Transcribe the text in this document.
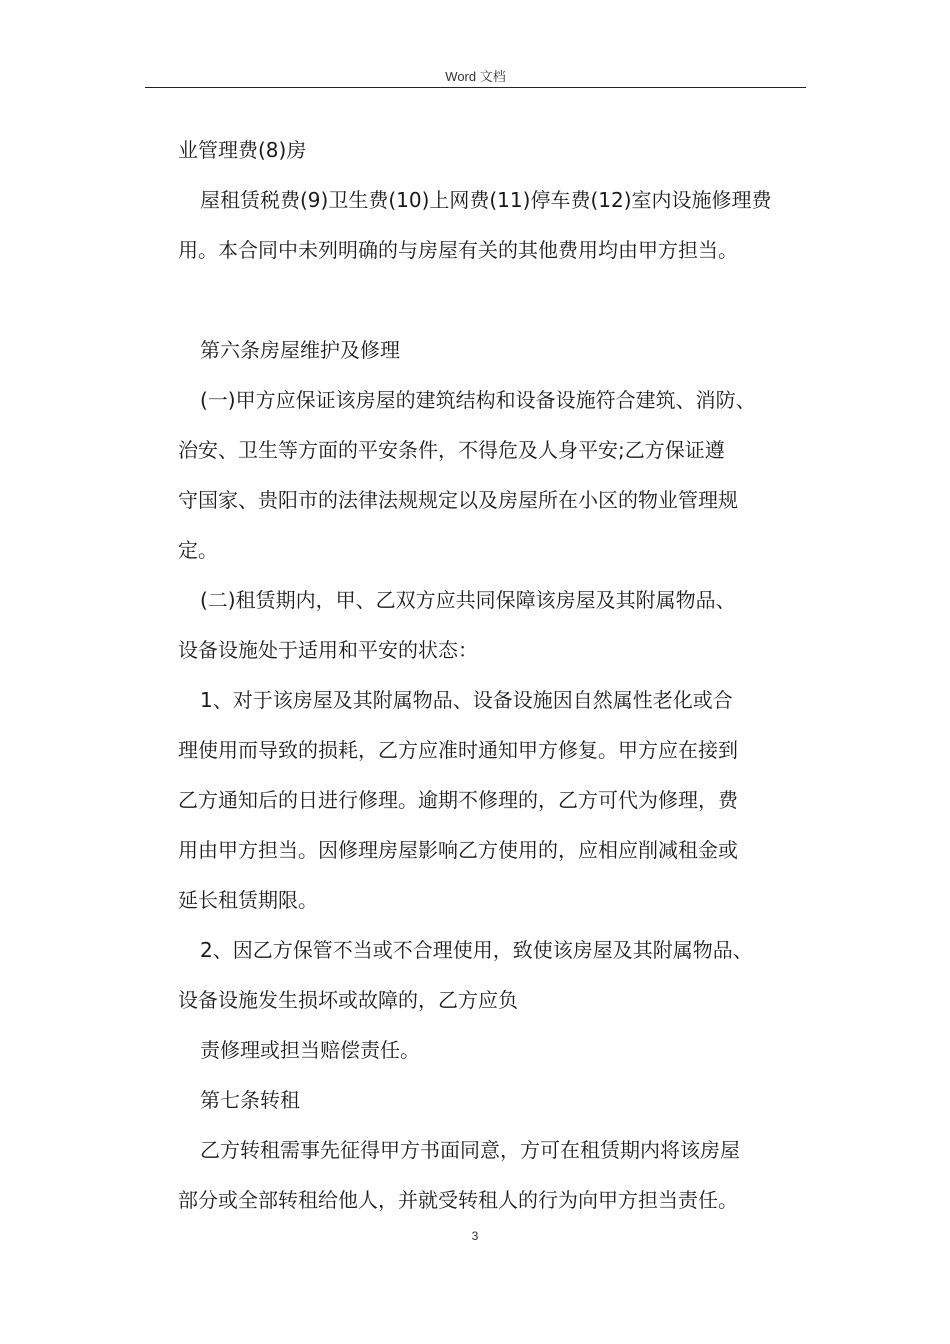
Word 文档
业管理费(8)房
屋租赁税费(9)卫生费(10)上网费(11)停车费(12)室内设施修理费
用。本合同中未列明确的与房屋有关的其他费用均由甲方担当。
第六条房屋维护及修理
(一)甲方应保证该房屋的建筑结构和设备设施符合建筑、消防、
治安、卫生等方面的平安条件，不得危及人身平安;乙方保证遵
守国家、贵阳市的法律法规规定以及房屋所在小区的物业管理规
定。
(二)租赁期内，甲、乙双方应共同保障该房屋及其附属物品、
设备设施处于适用和平安的状态：
1、对于该房屋及其附属物品、设备设施因自然属性老化或合
理使用而导致的损耗，乙方应准时通知甲方修复。甲方应在接到
乙方通知后的日进行修理。逾期不修理的，乙方可代为修理，费
用由甲方担当。因修理房屋影响乙方使用的，应相应削减租金或
延长租赁期限。
2、因乙方保管不当或不合理使用，致使该房屋及其附属物品、
设备设施发生损坏或故障的，乙方应负
责修理或担当赔偿责任。
第七条转租
乙方转租需事先征得甲方书面同意，方可在租赁期内将该房屋
部分或全部转租给他人，并就受转租人的行为向甲方担当责任。
3
